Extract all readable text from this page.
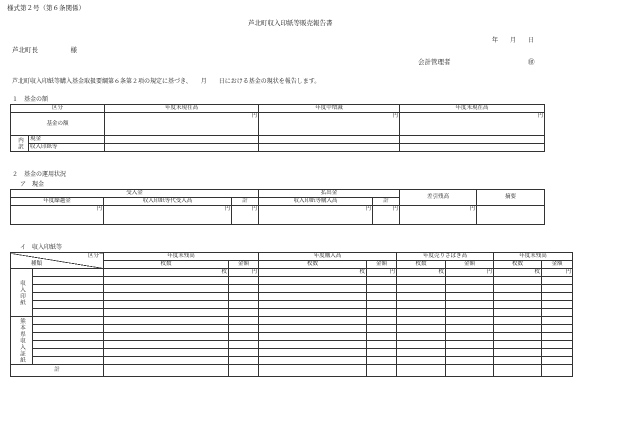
様式第２号（第６条関係）
芦北町収入印紙等販売報告書
年　　月　　日
芦北町長　　　　　様
会計管理者	㊞
芦北町収入印紙等購入基金取扱要綱第６条第２項の規定に基づき、　　月　　日における基金の現状を報告します。
１　基金の額
区分		年度末現在高	年度中増減	年度末現在高
基金の額		円	円	円
内訳	現金			
	収入印紙等			
２　基金の運用状況
ア　現金
受入金			払出金		差引残高	摘要
年度繰越金	収入印紙等代受入高	計	収入印紙等購入高	計		
円	円	円	円	円	円	
イ　収入印紙等
区分
種類		年度末残高		年度購入高		年度売りさばき高		年度末残高	
		枚数	金額	枚数	金額	枚数	金額	枚数	金額
収入印紙		枚	円	枚	円	枚	円	枚	円

熊本県収入証紙									

計									
